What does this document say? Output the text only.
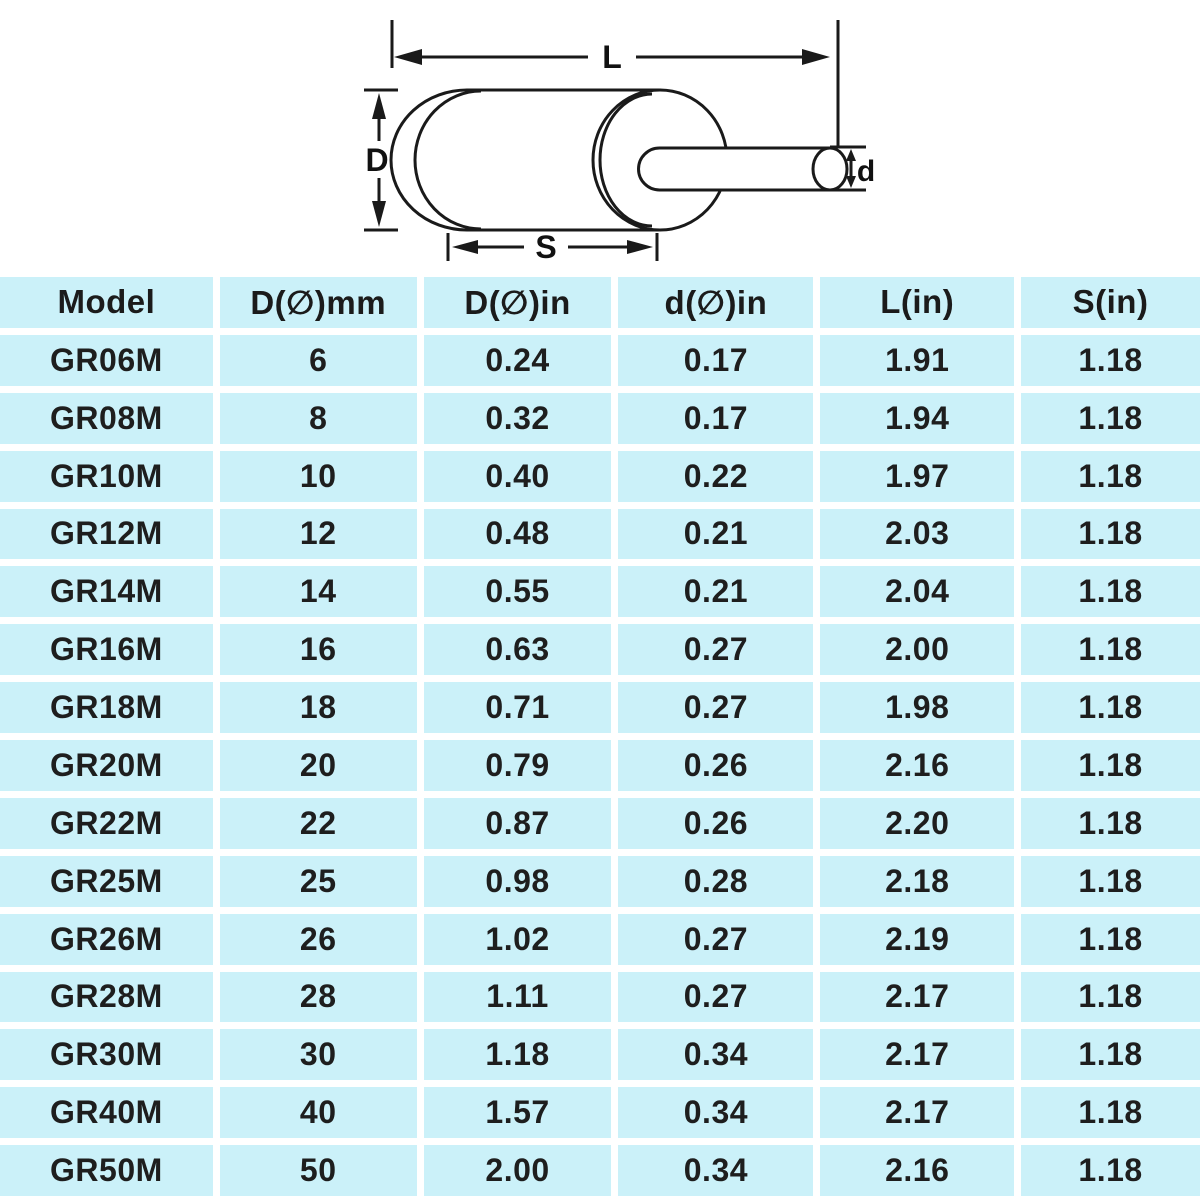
L
D
S
d
Model	D(∅)mm	D(∅)in	d(∅)in	L(in)	S(in)
GR06M	6	0.24	0.17	1.91	1.18
GR08M	8	0.32	0.17	1.94	1.18
GR10M	10	0.40	0.22	1.97	1.18
GR12M	12	0.48	0.21	2.03	1.18
GR14M	14	0.55	0.21	2.04	1.18
GR16M	16	0.63	0.27	2.00	1.18
GR18M	18	0.71	0.27	1.98	1.18
GR20M	20	0.79	0.26	2.16	1.18
GR22M	22	0.87	0.26	2.20	1.18
GR25M	25	0.98	0.28	2.18	1.18
GR26M	26	1.02	0.27	2.19	1.18
GR28M	28	1.11	0.27	2.17	1.18
GR30M	30	1.18	0.34	2.17	1.18
GR40M	40	1.57	0.34	2.17	1.18
GR50M	50	2.00	0.34	2.16	1.18
